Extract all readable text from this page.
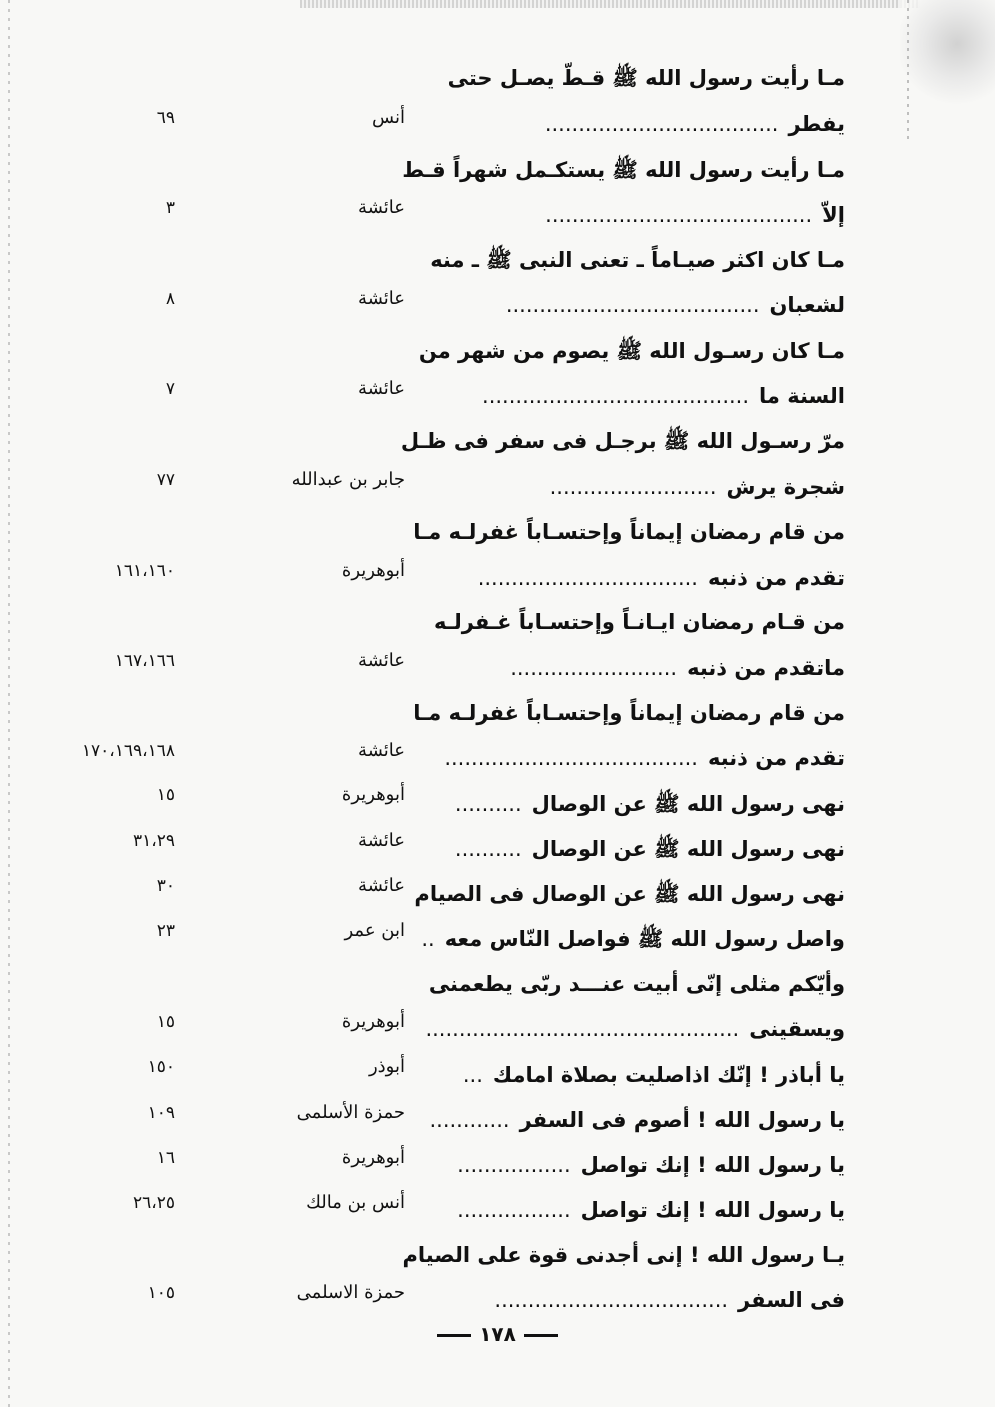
مـا رأيت رسول الله ﷺ قـطّ يصـل حتى
يفطر...................................
أنس
٦٩
مـا رأيت رسول الله ﷺ يستكـمل شهراً قـط
إلاّ........................................
عائشة
٣
مـا كان اكثر صيـاماً ـ تعنى النبى ﷺ ـ منه
لشعبان......................................
عائشة
٨
مـا كان رسـول الله ﷺ يصوم من شهر من
السنة ما........................................
عائشة
٧
مرّ رسـول الله ﷺ برجـل فى سفر فى ظـل
شجرة يرش.........................
جابر بن عبدالله
٧٧
من قام رمضان إيماناً وإحتسـاباً غفرلـه مـا
تقدم من ذنبه.................................
أبوهريرة
١٦١،١٦٠
من قـام رمضان ايـانـاً وإحتسـاباً غـفرلـه
ماتقدم من ذنبه.........................
عائشة
١٦٧،١٦٦
من قام رمضان إيماناً وإحتسـاباً غفرلـه مـا
تقدم من ذنبه......................................
عائشة
١٧٠،١٦٩،١٦٨
نهى رسول الله ﷺ عن الوصال..........
أبوهريرة
١٥
نهى رسول الله ﷺ عن الوصال..........
عائشة
٣١،٢٩
نهى رسول الله ﷺ عن الوصال فى الصيام
عائشة
٣٠
واصل رسول الله ﷺ فواصل النّاس معه..
ابن عمر
٢٣
وأيّكم مثلى إنّى أبيت عنـــد ربّى يطعمنى
ويسقينى...............................................
أبوهريرة
١٥
يا أباذر ! إنّك اذاصليت بصلاة امامك...
أبوذر
١٥٠
يا رسول الله ! أصوم فى السفر............
حمزة الأسلمى
١٠٩
يا رسول الله ! إنك تواصل.................
أبوهريرة
١٦
يا رسول الله ! إنك تواصل.................
أنس بن مالك
٢٦،٢٥
يـا رسول الله ! إنى أجدنى قوة على الصيام
فى السفر...................................
حمزة الاسلمى
١٠٥
١٧٨
